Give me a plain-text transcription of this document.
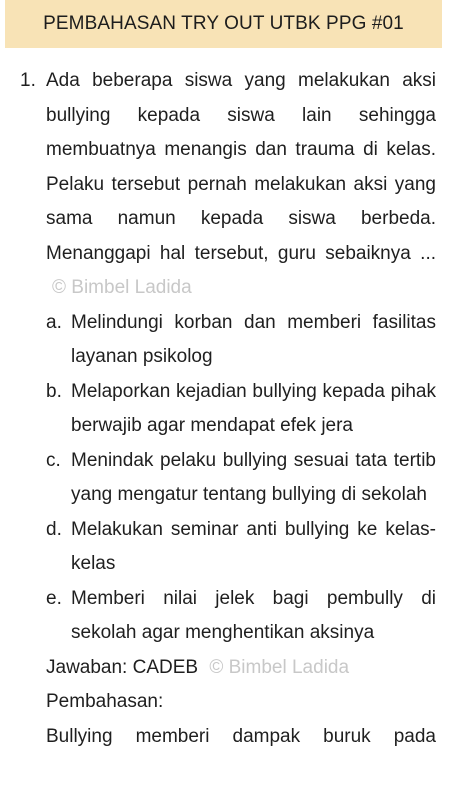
PEMBAHASAN TRY OUT UTBK PPG #01
1. Ada beberapa siswa yang melakukan aksi bullying kepada siswa lain sehingga membuatnya menangis dan trauma di kelas. Pelaku tersebut pernah melakukan aksi yang sama namun kepada siswa berbeda. Menanggapi hal tersebut, guru sebaiknya ... © Bimbel Ladida
a. Melindungi korban dan memberi fasilitas layanan psikolog
b. Melaporkan kejadian bullying kepada pihak berwajib agar mendapat efek jera
c. Menindak pelaku bullying sesuai tata tertib yang mengatur tentang bullying di sekolah
d. Melakukan seminar anti bullying ke kelas-kelas
e. Memberi nilai jelek bagi pembully di sekolah agar menghentikan aksinya
Jawaban: CADEB © Bimbel Ladida
Pembahasan:
Bullying memberi dampak buruk pada
